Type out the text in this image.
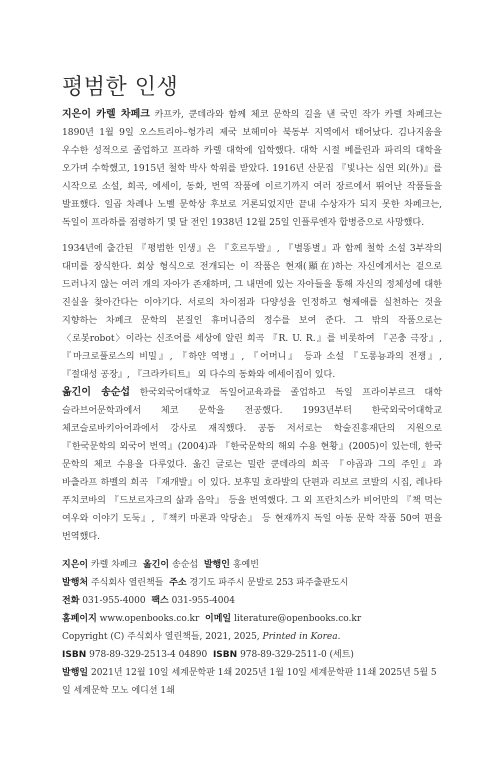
평범한 인생

지은이 카렐 차페크 카프카, 쿤데라와 함께 체코 문학의 길을 낸 국민 작가 카렐 차페크는 1890년 1월 9일 오스트리아–헝가리 제국 보헤미아 북동부 지역에서 태어났다. 김나지움을 우수한 성적으로 졸업하고 프라하 카렐 대학에 입학했다. 대학 시절 베를린과 파리의 대학을 오가며 수학했고, 1915년 철학 박사 학위를 받았다. 1916년 산문집 『빛나는 심연 외(外)』를 시작으로 소설, 희곡, 에세이, 동화, 번역 작품에 이르기까지 여러 장르에서 뛰어난 작품들을 발표했다. 일곱 차례나 노벨 문학상 후보로 거론되었지만 끝내 수상자가 되지 못한 차페크는, 독일이 프라하를 점령하기 몇 달 전인 1938년 12월 25일 인플루엔자 합병증으로 사망했다.

1934년에 출간된 『평범한 인생』은 『호르두발』, 『별똥별』과 함께 철학 소설 3부작의 대미를 장식한다. 회상 형식으로 전개되는 이 작품은 현재(顯在)하는 자신에게서는 겉으로 드러나지 않는 여러 개의 자아가 존재하며, 그 내면에 있는 자아들을 통해 자신의 정체성에 대한 진실을 찾아간다는 이야기다. 서로의 차이점과 다양성을 인정하고 형제애를 실천하는 것을 지향하는 차페크 문학의 본질인 휴머니즘의 정수를 보여 준다. 그 밖의 작품으로는 〈로봇robot〉이라는 신조어를 세상에 알린 희곡 『R. U. R.』를 비롯하여 『곤충 극장』, 『마크로풀로스의 비밀』, 『하얀 역병』, 『어머니』 등과 소설 『도롱뇽과의 전쟁』, 『절대성 공장』, 『크라카티트』 외 다수의 동화와 에세이집이 있다.

옮긴이 송순섭 한국외국어대학교 독일어교육과를 졸업하고 독일 프라이부르크 대학 슬라브어문학과에서 체코 문학을 전공했다. 1993년부터 한국외국어대학교 체코슬로바키아어과에서 강사로 재직했다. 공동 저서로는 학술진흥재단의 지원으로 『한국문학의 외국어 번역』(2004)과 『한국문학의 해외 수용 현황』(2005)이 있는데, 한국 문학의 체코 수용을 다루었다. 옮긴 글로는 밀란 쿤데라의 희곡 『야곱과 그의 주인』과 바츨라프 하벨의 희곡 『재개발』이 있다. 보후밀 흐라발의 단편과 리보르 코발의 시집, 레나타 푸치코바의 『드보르자크의 삶과 음악』 등을 번역했다. 그 외 프란치스카 비어만의 『책 먹는 여우와 이야기 도둑』, 『책키 마론과 악당손』 등 현재까지 독일 아동 문학 작품 50여 편을 번역했다.

지은이 카렐 차페크 옮긴이 송순섭 발행인 홍예빈
발행처 주식회사 열린책들 주소 경기도 파주시 문발로 253 파주출판도시
전화 031-955-4000 팩스 031-955-4004
홈페이지 www.openbooks.co.kr 이메일 literature@openbooks.co.kr
Copyright (C) 주식회사 열린책들, 2021, 2025, Printed in Korea.
ISBN 978-89-329-2513-4 04890 ISBN 978-89-329-2511-0 (세트)
발행일 2021년 12월 10일 세계문학판 1쇄 2025년 1월 10일 세계문학판 11쇄 2025년 5월 5일 세계문학 모노 에디션 1쇄
